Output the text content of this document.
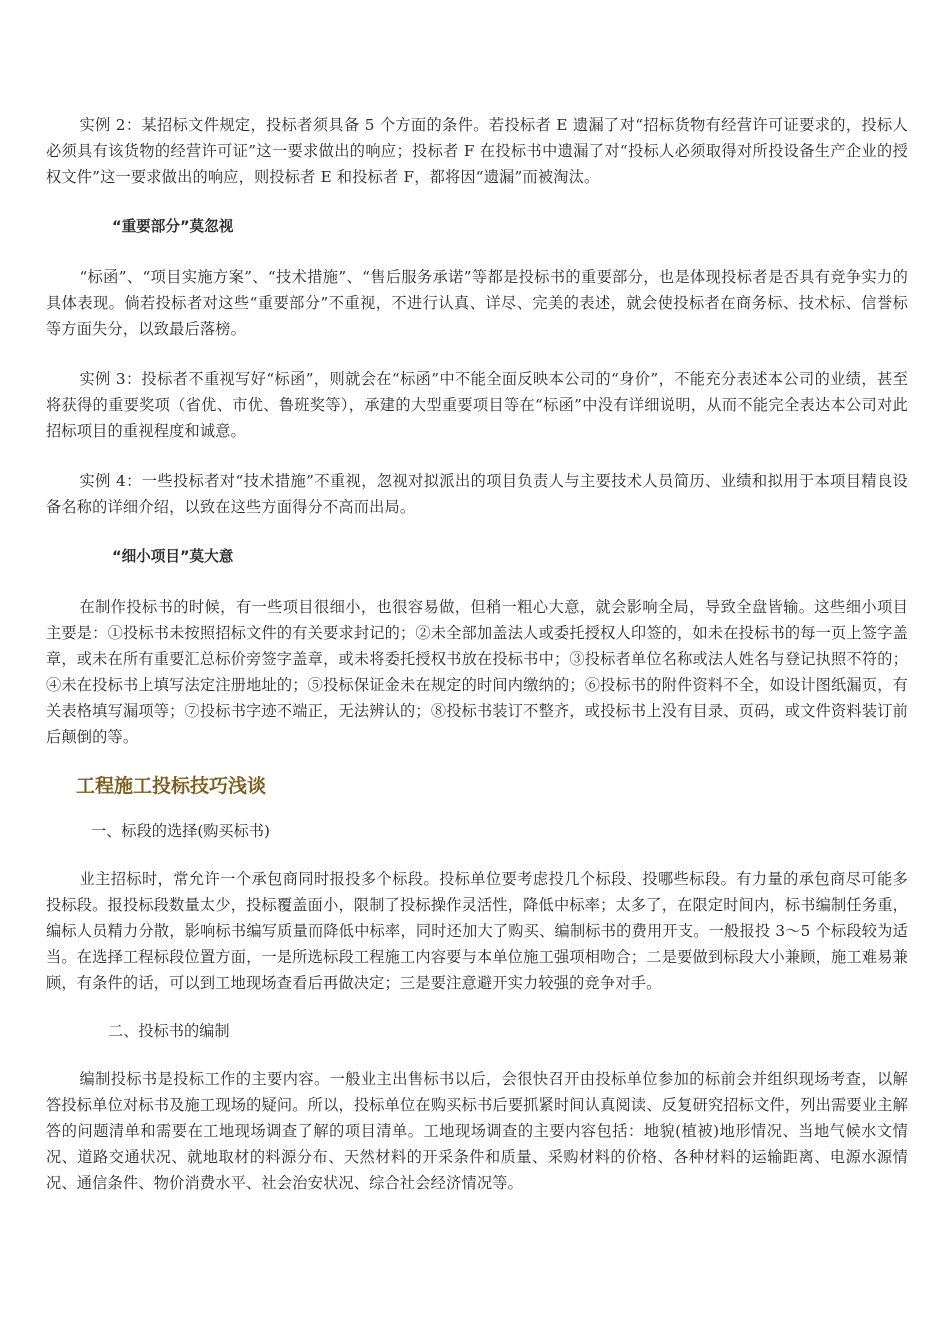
实例 2：某招标文件规定，投标者须具备 5 个方面的条件。若投标者 E 遗漏了对“招标货物有经营许可证要求的，投标人必须具有该货物的经营许可证”这一要求做出的响应；投标者 F 在投标书中遗漏了对“投标人必须取得对所投设备生产企业的授权文件”这一要求做出的响应，则投标者 E 和投标者 F，都将因“遗漏”而被淘汰。

“重要部分”莫忽视

“标函”、“项目实施方案”、“技术措施”、“售后服务承诺”等都是投标书的重要部分，也是体现投标者是否具有竞争实力的具体表现。倘若投标者对这些“重要部分”不重视，不进行认真、详尽、完美的表述，就会使投标者在商务标、技术标、信誉标等方面失分，以致最后落榜。

实例 3：投标者不重视写好“标函”，则就会在“标函”中不能全面反映本公司的“身价”，不能充分表述本公司的业绩，甚至将获得的重要奖项（省优、市优、鲁班奖等），承建的大型重要项目等在“标函”中没有详细说明，从而不能完全表达本公司对此招标项目的重视程度和诚意。

实例 4：一些投标者对“技术措施”不重视，忽视对拟派出的项目负责人与主要技术人员简历、业绩和拟用于本项目精良设备名称的详细介绍，以致在这些方面得分不高而出局。

“细小项目”莫大意

在制作投标书的时候，有一些项目很细小，也很容易做，但稍一粗心大意，就会影响全局，导致全盘皆输。这些细小项目主要是：①投标书未按照招标文件的有关要求封记的；②未全部加盖法人或委托授权人印签的，如未在投标书的每一页上签字盖章，或未在所有重要汇总标价旁签字盖章，或未将委托授权书放在投标书中；③投标者单位名称或法人姓名与登记执照不符的；④未在投标书上填写法定注册地址的；⑤投标保证金未在规定的时间内缴纳的；⑥投标书的附件资料不全，如设计图纸漏页，有关表格填写漏项等；⑦投标书字迹不端正，无法辨认的；⑧投标书装订不整齐，或投标书上没有目录、页码，或文件资料装订前后颠倒的等。

工程施工投标技巧浅谈

一、标段的选择(购买标书)

业主招标时，常允许一个承包商同时报投多个标段。投标单位要考虑投几个标段、投哪些标段。有力量的承包商尽可能多投标段。报投标段数量太少，投标覆盖面小，限制了投标操作灵活性，降低中标率；太多了，在限定时间内，标书编制任务重，编标人员精力分散，影响标书编写质量而降低中标率，同时还加大了购买、编制标书的费用开支。一般报投 3～5 个标段较为适当。在选择工程标段位置方面，一是所选标段工程施工内容要与本单位施工强项相吻合；二是要做到标段大小兼顾，施工难易兼顾，有条件的话，可以到工地现场查看后再做决定；三是要注意避开实力较强的竞争对手。

二、投标书的编制

编制投标书是投标工作的主要内容。一般业主出售标书以后，会很快召开由投标单位参加的标前会并组织现场考查，以解答投标单位对标书及施工现场的疑问。所以，投标单位在购买标书后要抓紧时间认真阅读、反复研究招标文件，列出需要业主解答的问题清单和需要在工地现场调查了解的项目清单。工地现场调查的主要内容包括：地貌(植被)地形情况、当地气候水文情况、道路交通状况、就地取材的料源分布、天然材料的开采条件和质量、采购材料的价格、各种材料的运输距离、电源水源情况、通信条件、物价消费水平、社会治安状况、综合社会经济情况等。
